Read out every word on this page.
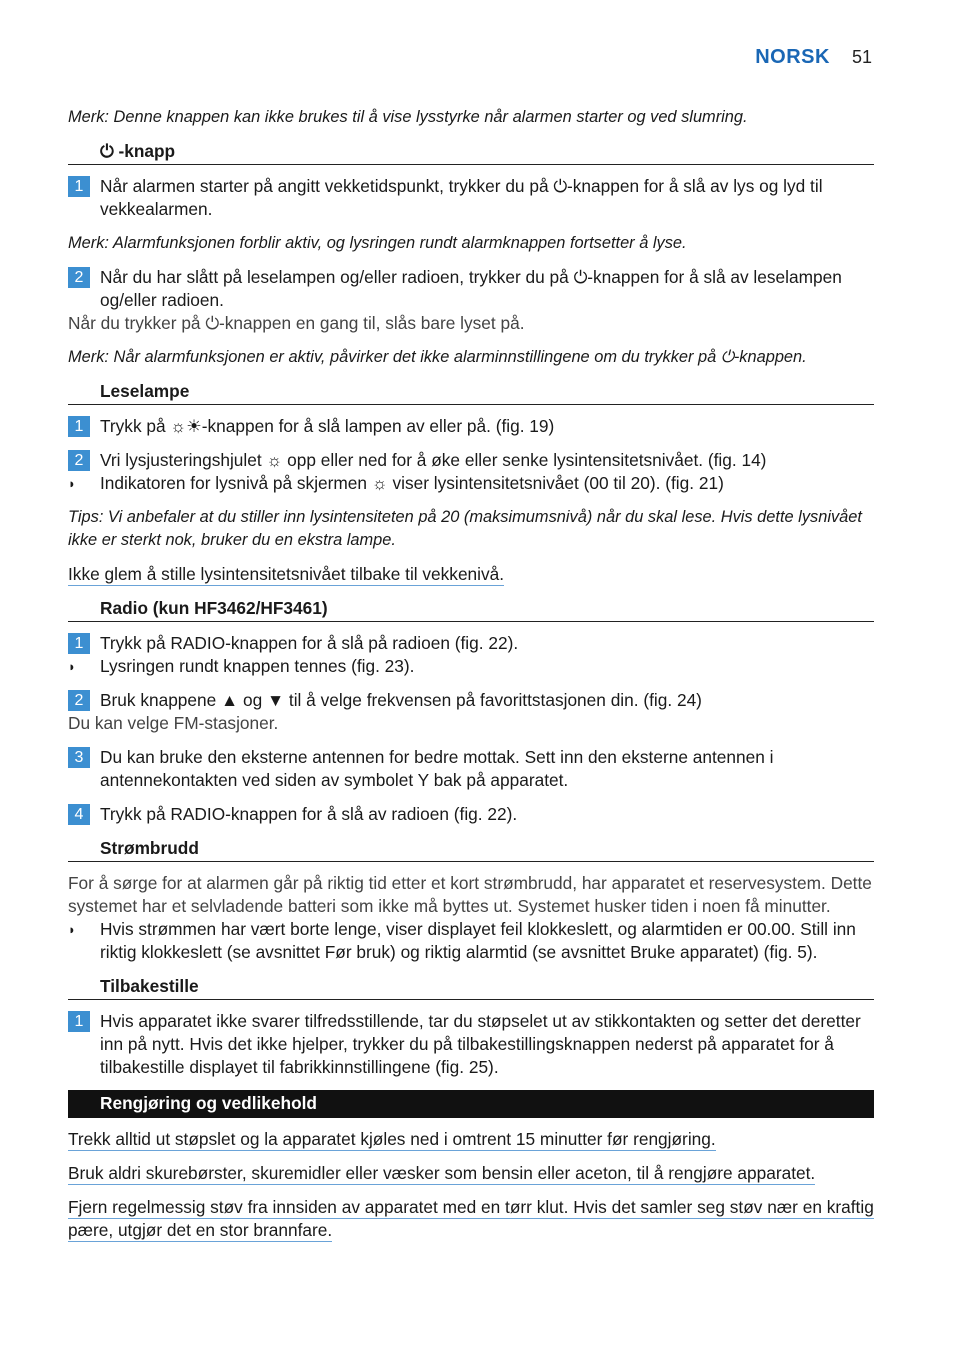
NORSK 51

Merk: Denne knappen kan ikke brukes til å vise lysstyrke når alarmen starter og ved slumring.

⏻ -knapp
1 Når alarmen starter på angitt vekketidspunkt, trykker du på ⏻-knappen for å slå av lys og lyd til vekkealarmen.

Merk: Alarmfunksjonen forblir aktiv, og lysringen rundt alarmknappen fortsetter å lyse.

2 Når du har slått på leselampen og/eller radioen, trykker du på ⏻-knappen for å slå av leselampen og/eller radioen.

Når du trykker på ⏻-knappen en gang til, slås bare lyset på.

Merk: Når alarmfunksjonen er aktiv, påvirker det ikke alarminnstillingene om du trykker på ⏻-knappen.

Leselampe
1 Trykk på ☼☀-knappen for å slå lampen av eller på. (fig. 19)
2 Vri lysjusteringshjulet ☼ opp eller ned for å øke eller senke lysintensitetsnivået. (fig. 14)
◗	Indikatoren for lysnivå på skjermen ☼ viser lysintensitetsnivået (00 til 20). (fig. 21)

Tips: Vi anbefaler at du stiller inn lysintensiteten på 20 (maksimumsnivå) når du skal lese. Hvis dette lysnivået ikke er sterkt nok, bruker du en ekstra lampe.

Ikke glem å stille lysintensitetsnivået tilbake til vekkenivå.

Radio (kun HF3462/HF3461)
1 Trykk på RADIO-knappen for å slå på radioen (fig. 22).
◗	Lysringen rundt knappen tennes (fig. 23).
2 Bruk knappene ▲ og ▼ til å velge frekvensen på favorittstasjonen din. (fig. 24)

Du kan velge FM-stasjoner.

3 Du kan bruke den eksterne antennen for bedre mottak. Sett inn den eksterne antennen i antennekontakten ved siden av symbolet Y bak på apparatet.
4 Trykk på RADIO-knappen for å slå av radioen (fig. 22).
Strømbrudd

For å sørge for at alarmen går på riktig tid etter et kort strømbrudd, har apparatet et reservesystem. Dette systemet har et selvladende batteri som ikke må byttes ut. Systemet husker tiden i noen få minutter.

◗	Hvis strømmen har vært borte lenge, viser displayet feil klokkeslett, og alarmtiden er 00.00. Still inn riktig klokkeslett (se avsnittet Før bruk) og riktig alarmtid (se avsnittet Bruke apparatet) (fig. 5).
Tilbakestille
1 Hvis apparatet ikke svarer tilfredsstillende, tar du støpselet ut av stikkontakten og setter det deretter inn på nytt. Hvis det ikke hjelper, trykker du på tilbakestillingsknappen nederst på apparatet for å tilbakestille displayet til fabrikkinnstillingene (fig. 25).
Rengjøring og vedlikehold

Trekk alltid ut støpslet og la apparatet kjøles ned i omtrent 15 minutter før rengjøring.

Bruk aldri skurebørster, skuremidler eller væsker som bensin eller aceton, til å rengjøre apparatet.

Fjern regelmessig støv fra innsiden av apparatet med en tørr klut. Hvis det samler seg støv nær en kraftig pære, utgjør det en stor brannfare.
